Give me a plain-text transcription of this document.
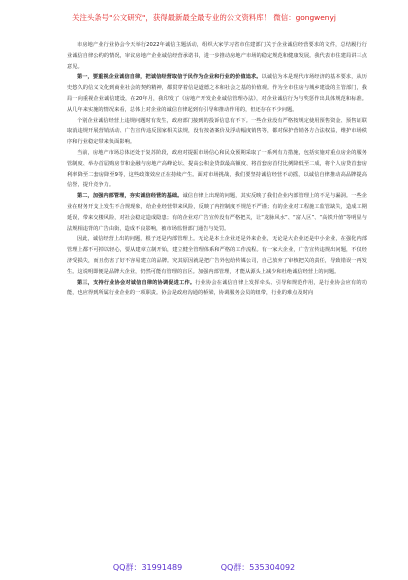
关注头条号"公文研究"，获得最新最全最专业的公文资料库！ 微信：gongwenyj

市房地产业行业协会今天举行2022年诚信主题活动，组织大家学习省市住建部门关于企业诚信经营要求的文件，总结履行行业诚信自律公约的情况，审议房地产企业诚信经营承诺书，进一步推动房地产市场的稳定规范和健康发展。我代表市住建局讲三点意见。

第一，要重视企业诚信自律，把诚信经营取信于民作为企业和行业的价值追求。以诚信为本是现代市场经济的基本要求，从历史悠久的信义文化到商业社会的契约精神，都贯穿着信是道德之本和社会之基的价值观。作为全市住房与城乡建设的主管部门，我局一向重视企业诚信建设，在20年月，我印发了《房地产开发企业诚信管理办法》，对企业诚信行为与奖惩作出具体规范和标准。从几年来实施的情况来看，总体上对企业的诚信自律起到有引导和推动作用的，但还存在不少问题。

个别企业诚信经营上违规问题时有发生，政府部门接到的投诉信息有不下。一些企业没有严格按规定使用预售资金、预售证联取消违规开展营销活动、广告宣传违反国家相关法规，没有按备案价及浮动幅度销售等，都对保护营销各方合法权益，维护市场秩序和行业稳定带来负面影响。

当前，房地产市场总体还处于复苏阶段，政府对提振市场信心和民众预期采取了一系列有力措施，包括实施对重点房企的服务管制度、举办首届购房节和金融与房地产高峰论坛、提高公积金贷款最高额度、将首套房首付比例降低至二成，将个人房贷首套房利率降至二套房降至9等，这些政策效应正在持续产生。面对市场挑战，我们要坚持诚信经营不动摇，以诚信自律推动高品牌提高信誉，提升竞争力。

第二，加强内部管理，夯实诚信经营的基础。诚信自律上出现的问题，其实反映了我们企业内部管理上的不足与漏洞。一些企业在财务开支上发生不合规现象，给企业经营带来风险，反映了内控制度不规范不严谨；有的企业对工程施工监管缺失，造成工期延误，带来交楼风险，对社会稳定造成隐患；有的企业对广告宣传没有严格把关，让“龙脉风水”、“富人区”、“高铁升值”等明显与法规相违背的广告由街，造成不良影响，被市场监督部门通告与处罚。

因此，诚信经营上出的问题，根子还是内部管理上。无论是本土企业还是外来企业，无论是大企业还是中小企业，在强化内部管理上都不可掉以轻心，要从建章立制开始，建立健全管理体系和严格的工作流程。有一家大企业，广告宣传违规出问题，不仅经济受损失，而且伤害了好不容易建立的品牌。究其原因就是把广告外包给传媒公司，自己放弃了审核把关的责任，导致错误一再发生。这说明即便是品牌大企业，仍然可能有管理的盲区。加强内部管理，才能从源头上减少和杜绝诚信经营上的问题。

第三，支持行业协会对诚信自律的协调促进工作。行业协会在诚信自律上发挥牵头、引导和规范作用，是行业协会应有的功能，也应得到所属行业企业的一项职责。协会是政府沟通的桥梁，协调服务会员的纽带，行业的难点及时向

QQ群：31991489	QQ群：535304092
